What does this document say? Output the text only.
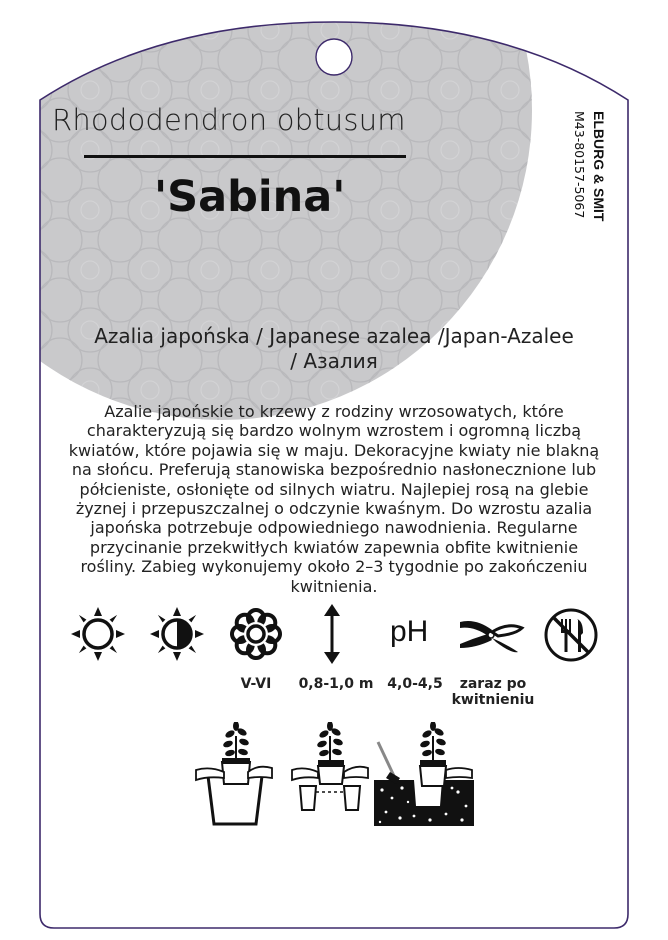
Rhododendron obtusum
'Sabina'	ELBURG & SMIT
M43-80157-5067
Azalia japońska / Japanese azalea /Japan-Azalee
/ Азалия
Azalie japońskie to krzewy z rodziny wrzosowatych, które
charakteryzują się bardzo wolnym wzrostem i ogromną liczbą
kwiatów, które pojawia się w maju. Dekoracyjne kwiaty nie blakną
na słońcu. Preferują stanowiska bezpośrednio nasłonecznione lub
półcieniste, osłonięte od silnych wiatru. Najlepiej rosą na glebie
żyznej i przepuszczalnej o odczynie kwaśnym. Do wzrostu azalia
japońska potrzebuje odpowiedniego nawodnienia. Regularne
przycinanie przekwitłych kwiatów zapewnia obfite kwitnienie
rośliny. Zabieg wykonujemy około 2–3 tygodnie po zakończeniu
kwitnienia.
pH
V-VI	0,8-1,0 m 4,0-4,5	zaraz po
kwitnieniu
